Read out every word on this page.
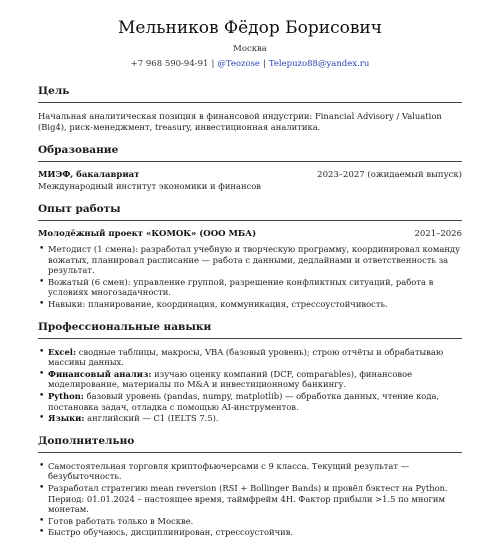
Мельников Фёдор Борисович
Москва
+7 968 590-94-91 | @Teozose | Telepuzo88@yandex.ru
Цель
Начальная аналитическая позиция в финансовой индустрии: Financial Advisory / Valuation (Big4), риск-менеджмент, treasury, инвестиционная аналитика.
Образование
МИЭФ, бакалавриат	2023–2027 (ожидаемый выпуск)
Международный институт экономики и финансов
Опыт работы
Молодёжный проект «КОМОК» (ООО МБА)	2021–2026
• Методист (1 смена): разработал учебную и творческую программу, координировал команду вожатых, планировал расписание — работа с данными, дедлайнами и ответственность за результат.
• Вожатый (6 смен): управление группой, разрешение конфликтных ситуаций, работа в условиях многозадачности.
• Навыки: планирование, координация, коммуникация, стрессоустойчивость.
Профессиональные навыки
• Excel: сводные таблицы, макросы, VBA (базовый уровень); строю отчёты и обрабатываю массивы данных.
• Финансовый анализ: изучаю оценку компаний (DCF, comparables), финансовое моделирование, материалы по M&A и инвестиционному банкингу.
• Python: базовый уровень (pandas, numpy, matplotlib) — обработка данных, чтение кода, постановка задач, отладка с помощью AI-инструментов.
• Языки: английский — C1 (IELTS 7.5).
Дополнительно
• Самостоятельная торговля криптофьючерсами с 9 класса. Текущий результат — безубыточность.
• Разработал стратегию mean reversion (RSI + Bollinger Bands) и провёл бэктест на Python. Период: 01.01.2024 – настоящее время, таймфрейм 4H. Фактор прибыли >1.5 по многим монетам.
• Готов работать только в Москве.
• Быстро обучаюсь, дисциплинирован, стрессоустойчив.
